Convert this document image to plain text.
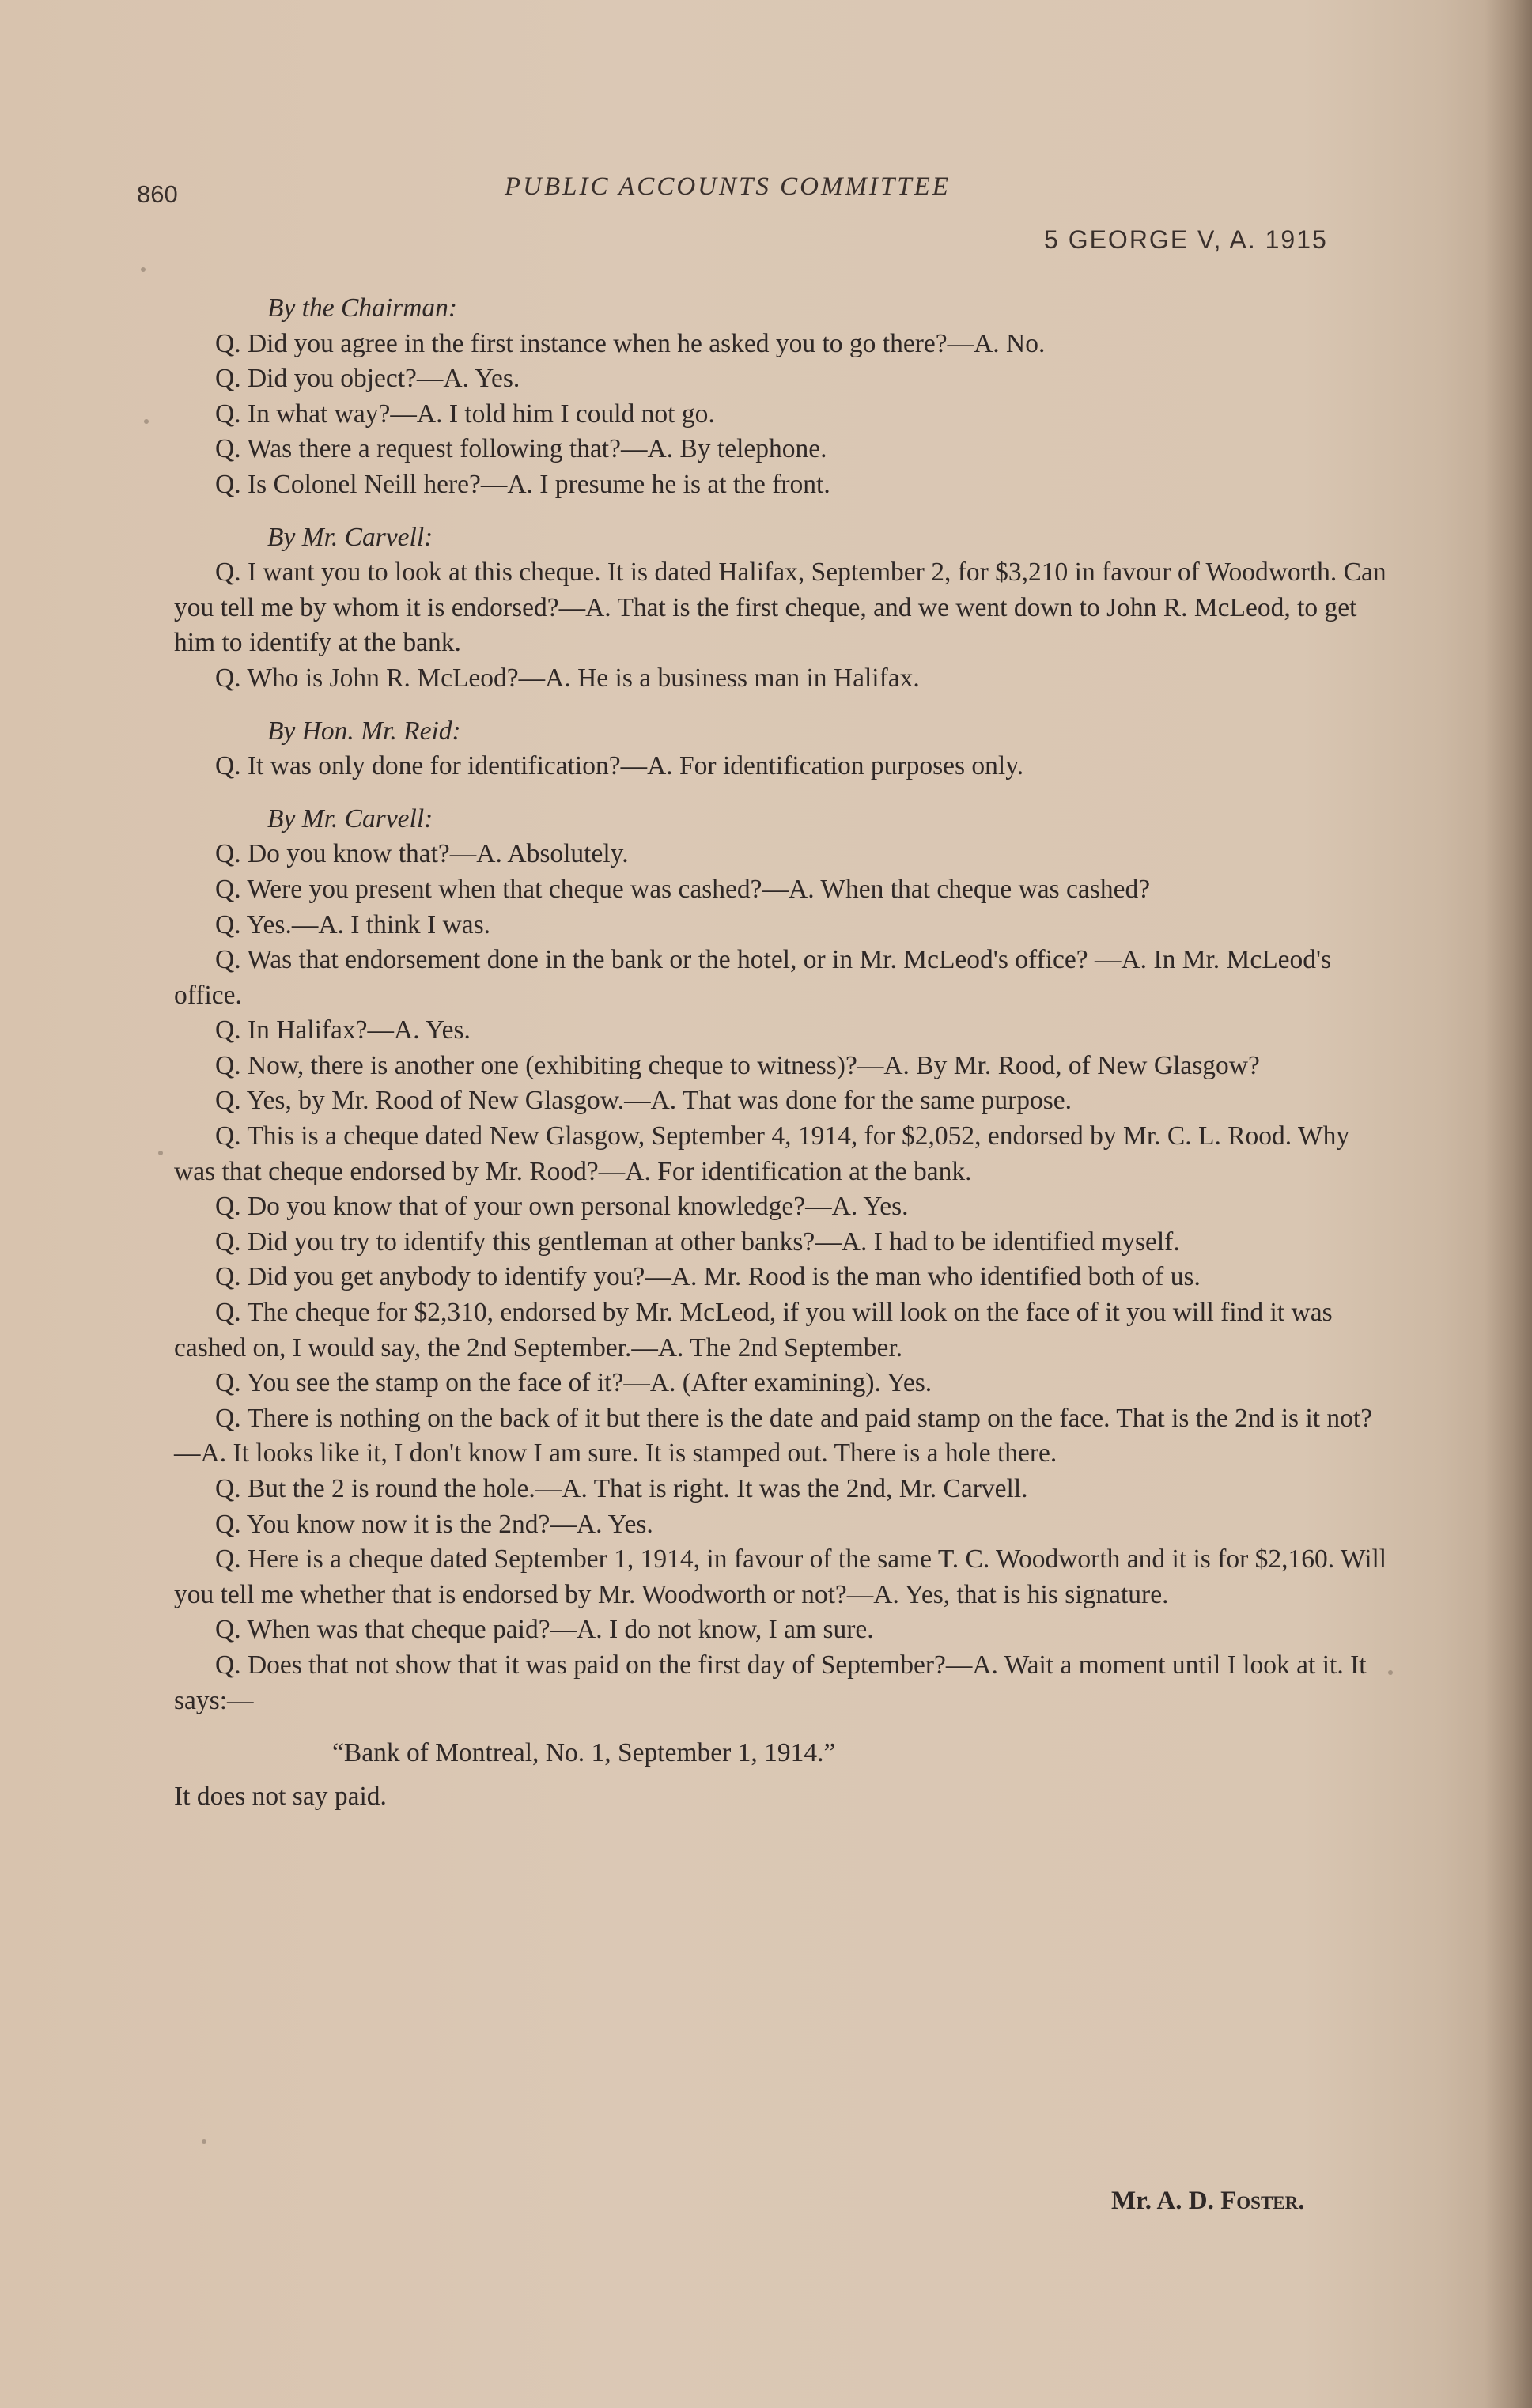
860	PUBLIC ACCOUNTS COMMITTEE
5 GEORGE V, A. 1915
By the Chairman:

Q. Did you agree in the first instance when he asked you to go there?—A. No.

Q. Did you object?—A. Yes.

Q. In what way?—A. I told him I could not go.

Q. Was there a request following that?—A. By telephone.

Q. Is Colonel Neill here?—A. I presume he is at the front.

By Mr. Carvell:

Q. I want you to look at this cheque. It is dated Halifax, September 2, for $3,210 in favour of Woodworth. Can you tell me by whom it is endorsed?—A. That is the first cheque, and we went down to John R. McLeod, to get him to identify at the bank.

Q. Who is John R. McLeod?—A. He is a business man in Halifax.

By Hon. Mr. Reid:

Q. It was only done for identification?—A. For identification purposes only.

By Mr. Carvell:

Q. Do you know that?—A. Absolutely.

Q. Were you present when that cheque was cashed?—A. When that cheque was cashed?

Q. Yes.—A. I think I was.

Q. Was that endorsement done in the bank or the hotel, or in Mr. McLeod's office? —A. In Mr. McLeod's office.

Q. In Halifax?—A. Yes.

Q. Now, there is another one (exhibiting cheque to witness)?—A. By Mr. Rood, of New Glasgow?

Q. Yes, by Mr. Rood of New Glasgow.—A. That was done for the same purpose.

Q. This is a cheque dated New Glasgow, September 4, 1914, for $2,052, endorsed by Mr. C. L. Rood. Why was that cheque endorsed by Mr. Rood?—A. For identification at the bank.

Q. Do you know that of your own personal knowledge?—A. Yes.

Q. Did you try to identify this gentleman at other banks?—A. I had to be identified myself.

Q. Did you get anybody to identify you?—A. Mr. Rood is the man who identified both of us.

Q. The cheque for $2,310, endorsed by Mr. McLeod, if you will look on the face of it you will find it was cashed on, I would say, the 2nd September.—A. The 2nd September.

Q. You see the stamp on the face of it?—A. (After examining). Yes.

Q. There is nothing on the back of it but there is the date and paid stamp on the face. That is the 2nd is it not?—A. It looks like it, I don't know I am sure. It is stamped out. There is a hole there.

Q. But the 2 is round the hole.—A. That is right. It was the 2nd, Mr. Carvell.

Q. You know now it is the 2nd?—A. Yes.

Q. Here is a cheque dated September 1, 1914, in favour of the same T. C. Woodworth and it is for $2,160. Will you tell me whether that is endorsed by Mr. Woodworth or not?—A. Yes, that is his signature.

Q. When was that cheque paid?—A. I do not know, I am sure.

Q. Does that not show that it was paid on the first day of September?—A. Wait a moment until I look at it. It says:—

“Bank of Montreal, No. 1, September 1, 1914.”

It does not say paid.

Mr. A. D. Foster.
